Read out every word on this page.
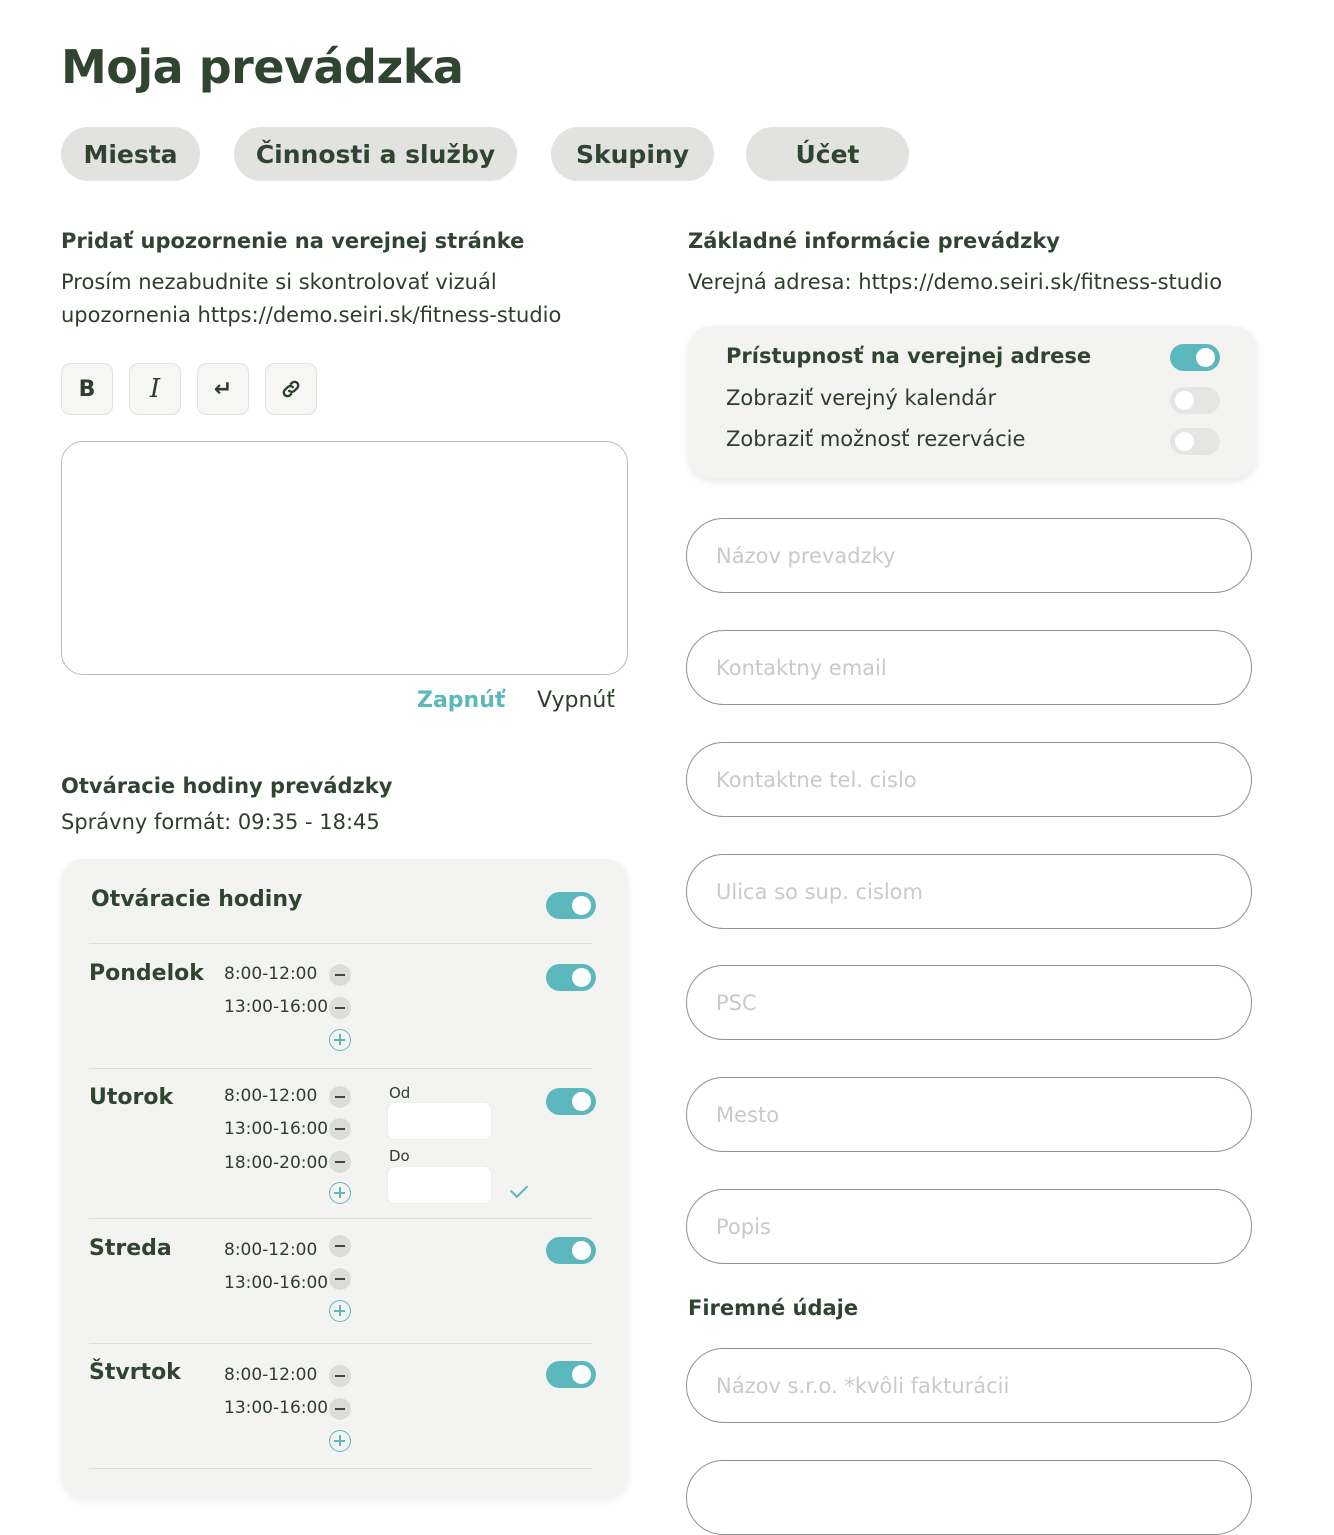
Moja prevádzka
Miesta	Činnosti a služby	Skupiny	Účet
Pridať upozornenie na verejnej stránke
Prosím nezabudnite si skontrolovať vizuál
upozornenia https://demo.seiri.sk/fitness-studio
B I ↵
Zapnúť Vypnúť
Otváracie hodiny prevádzky
Správny formát: 09:35 - 18:45
Otváracie hodiny
Pondelok 8:00-12:00
13:00-16:00
Utorok	8:00-12:00
13:00-16:00
18:00-20:00
Od
Do
Streda	8:00-12:00
13:00-16:00
Štvrtok	8:00-12:00
13:00-16:00
Základné informácie prevádzky
Verejná adresa: https://demo.seiri.sk/fitness-studio
Prístupnosť na verejnej adrese
Zobraziť verejný kalendár
Zobraziť možnosť rezervácie
Názov prevadzky
Kontaktny email
Kontaktne tel. cislo
Ulica so sup. cislom
PSC
Mesto
Popis
Firemné údaje
Názov s.r.o. *kvôli fakturácii
